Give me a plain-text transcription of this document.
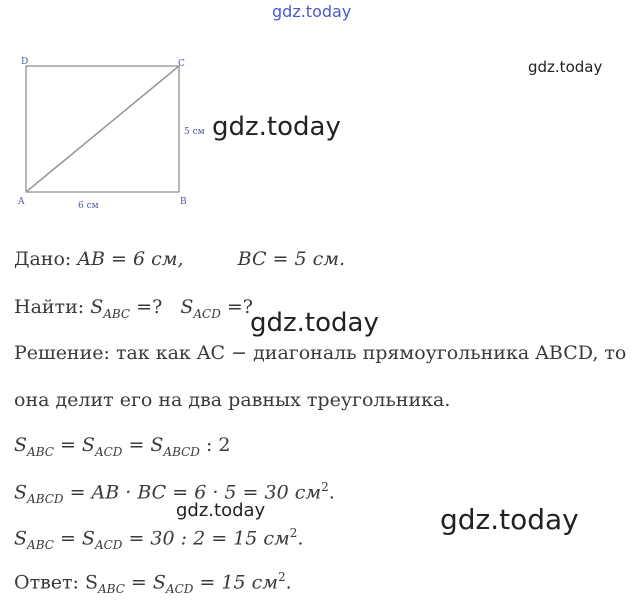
gdz.today
gdz.today
gdz.today
gdz.today
gdz.today	gdz.today
D	C
A	B
6 см
5 см
Дано: AB = 6 см,	BC = 5 см.
Найти: $S_{ABC}$ =? $S_{ACD}$ =?
Решение: так как AC − диагональ прямоугольника ABCD, то
она делит его на два равных треугольника.
$S_{ABC} = S_{ACD} = S_{ABCD}$ : 2
$S_{ABCD}$ = AB · BC = 6 · 5 = 30 $см^2$.
$S_{ABC} = S_{ACD} = 30$ : 2 = 15 $см^2$.
Ответ: $S_{ABC} = S_{ACD} = 15$ $см^2$.
